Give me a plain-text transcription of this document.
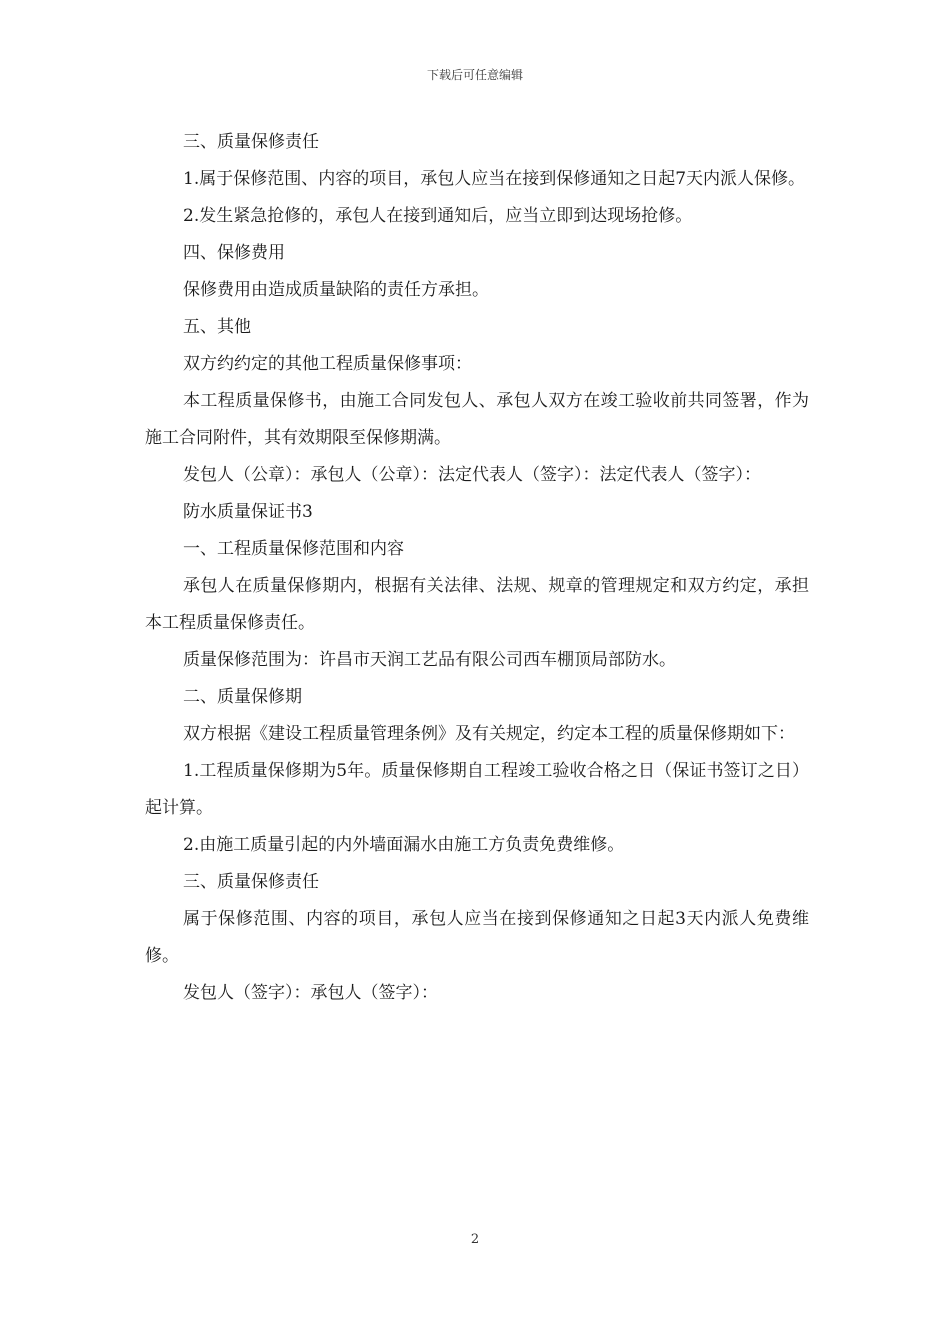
下载后可任意编辑

三、质量保修责任

1.属于保修范围、内容的项目，承包人应当在接到保修通知之日起7天内派人保修。

2.发生紧急抢修的，承包人在接到通知后，应当立即到达现场抢修。

四、保修费用

保修费用由造成质量缺陷的责任方承担。

五、其他

双方约约定的其他工程质量保修事项：

本工程质量保修书，由施工合同发包人、承包人双方在竣工验收前共同签署，作为施工合同附件，其有效期限至保修期满。

发包人（公章）：承包人（公章）：法定代表人（签字）：法定代表人（签字）：

防水质量保证书3

一、工程质量保修范围和内容

承包人在质量保修期内，根据有关法律、法规、规章的管理规定和双方约定，承担本工程质量保修责任。

质量保修范围为：许昌市天润工艺品有限公司西车棚顶局部防水。

二、质量保修期

双方根据《建设工程质量管理条例》及有关规定，约定本工程的质量保修期如下：

1.工程质量保修期为5年。质量保修期自工程竣工验收合格之日（保证书签订之日）起计算。

2.由施工质量引起的内外墙面漏水由施工方负责免费维修。

三、质量保修责任

属于保修范围、内容的项目，承包人应当在接到保修通知之日起3天内派人免费维修。

发包人（签字）：承包人（签字）：

2
